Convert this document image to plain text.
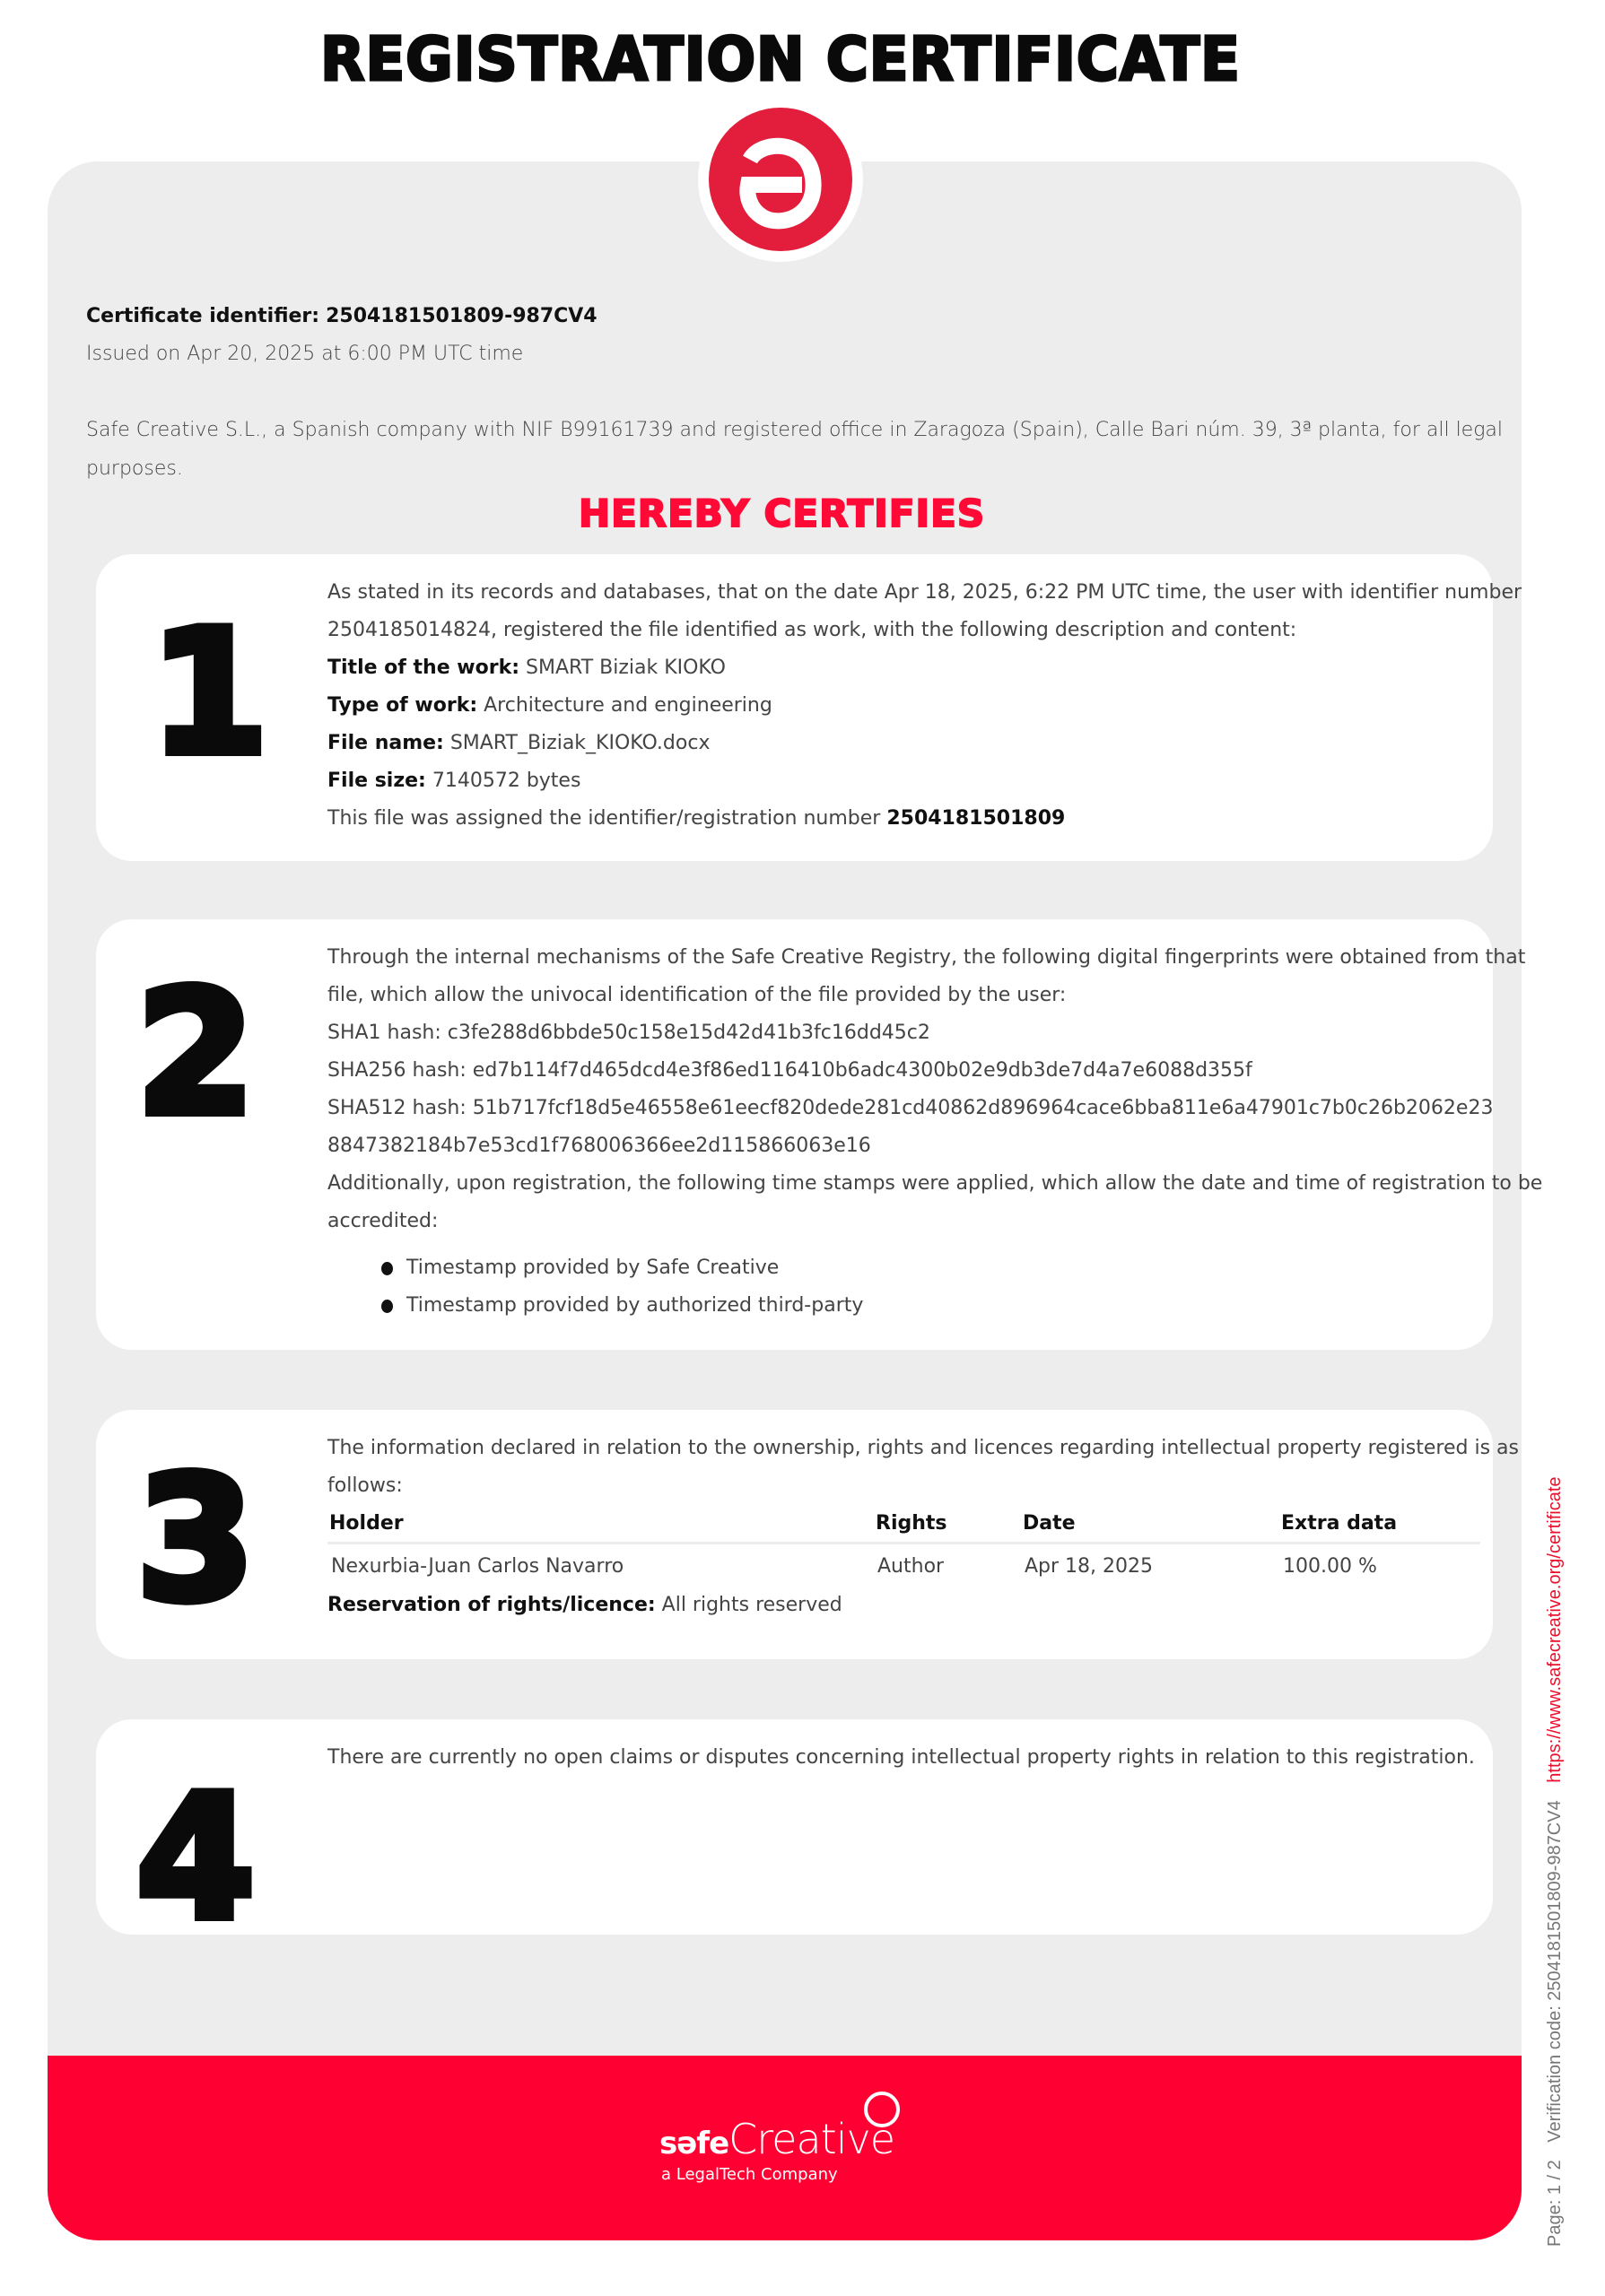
REGISTRATION CERTIFICATE
səfeCreative
a LegalTech Company
Certificate identifier: 2504181501809-987CV4
Issued on Apr 20, 2025 at 6:00 PM UTC time
Safe Creative S.L., a Spanish company with NIF B99161739 and registered office in Zaragoza (Spain), Calle Bari núm. 39, 3ª planta, for all legal
purposes.
HEREBY CERTIFIES
1
As stated in its records and databases, that on the date Apr 18, 2025, 6:22 PM UTC time, the user with identifier number
2504185014824, registered the file identified as work, with the following description and content:
Title of the work: SMART Biziak KIOKO
Type of work: Architecture and engineering
File name: SMART_Biziak_KIOKO.docx
File size: 7140572 bytes
This file was assigned the identifier/registration number 2504181501809
2	Through the internal mechanisms of the Safe Creative Registry, the following digital fingerprints were obtained from that
file, which allow the univocal identification of the file provided by the user:
SHA1 hash: c3fe288d6bbde50c158e15d42d41b3fc16dd45c2
SHA256 hash: ed7b114f7d465dcd4e3f86ed116410b6adc4300b02e9db3de7d4a7e6088d355f
SHA512 hash: 51b717fcf18d5e46558e61eecf820dede281cd40862d896964cace6bba811e6a47901c7b0c26b2062e23
8847382184b7e53cd1f768006366ee2d115866063e16
Additionally, upon registration, the following time stamps were applied, which allow the date and time of registration to be
accredited:
Timestamp provided by Safe Creative
Timestamp provided by authorized third-party
3	The information declared in relation to the ownership, rights and licences regarding intellectual property registered is as
follows:
Holder	Rights	Date	Extra data
Nexurbia-Juan Carlos Navarro	Author	Apr 18, 2025	100.00 %
Reservation of rights/licence: All rights reserved
4
There are currently no open claims or disputes concerning intellectual property rights in relation to this registration.
Page: 1 / 2 Verification code: 2504181501809-987CV4 https://www.safecreative.org/certificate
